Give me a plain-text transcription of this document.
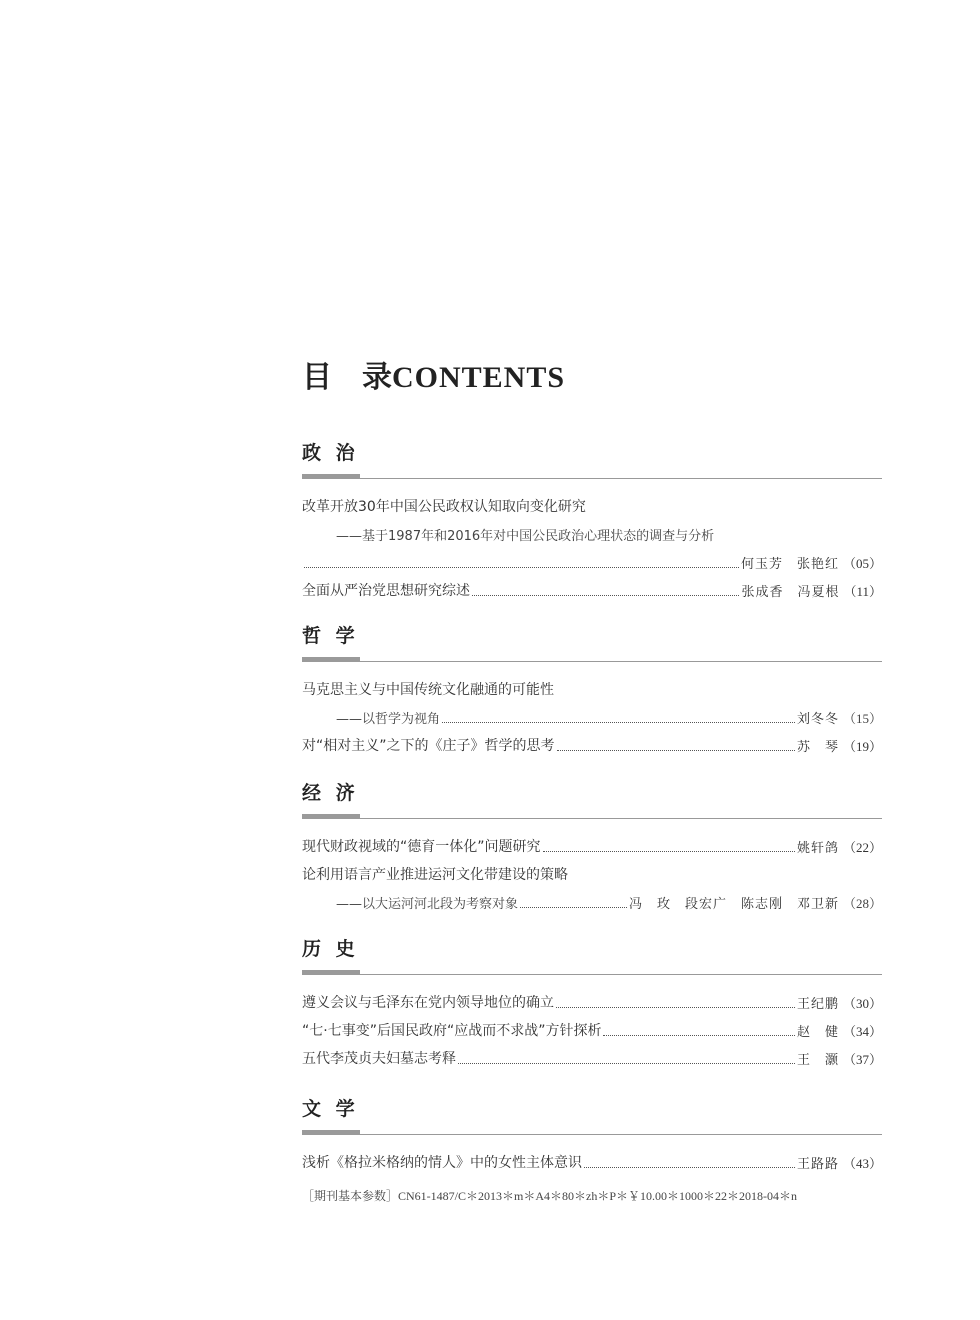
目 录CONTENTS
政 治
改革开放30年中国公民政权认知取向变化研究
——基于1987年和2016年对中国公民政治心理状态的调查与分析
何玉芳　张艳红 （05）
全面从严治党思想研究综述	张成香　冯夏根 （11）
哲 学
马克思主义与中国传统文化融通的可能性
——以哲学为视角	刘冬冬 （15）
对“相对主义”之下的《庄子》哲学的思考	苏　琴 （19）
经 济
现代财政视域的“德育一体化”问题研究	姚轩鸽 （22）
论利用语言产业推进运河文化带建设的策略
——以大运河河北段为考察对象	冯　玫　段宏广　陈志刚　邓卫新 （28）
历 史
遵义会议与毛泽东在党内领导地位的确立	王纪鹏 （30）
“七·七事变”后国民政府“应战而不求战”方针探析	赵　健 （34）
五代李茂贞夫妇墓志考释	王　灏 （37）
文 学
浅析《格拉米格纳的情人》中的女性主体意识	王路路 （43）
［期刊基本参数］CN61-1487/C＊2013＊m＊A4＊80＊zh＊P＊￥10.00＊1000＊22＊2018-04＊n
